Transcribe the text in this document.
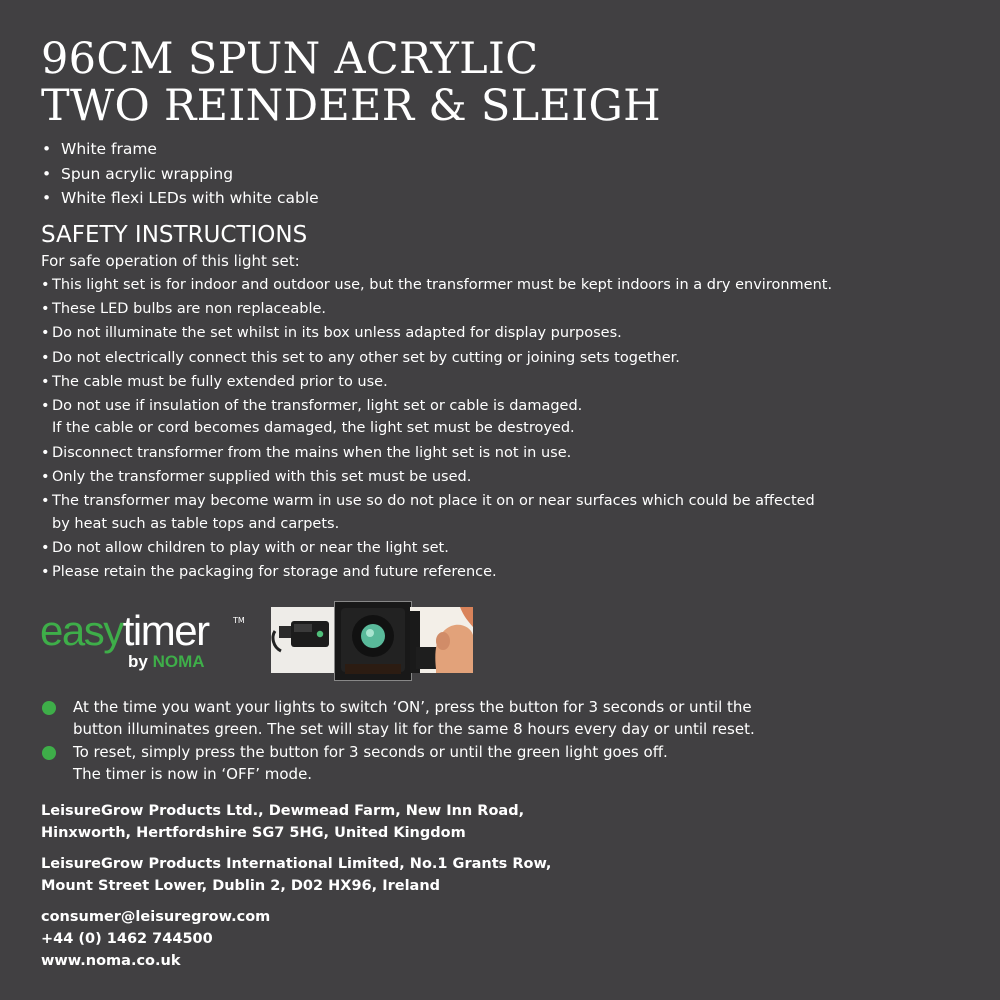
96CM SPUN ACRYLIC
TWO REINDEER & SLEIGH
• White frame
• Spun acrylic wrapping
• White flexi LEDs with white cable
SAFETY INSTRUCTIONS
For safe operation of this light set:
• This light set is for indoor and outdoor use, but the transformer must be kept indoors in a dry environment.
• These LED bulbs are non replaceable.
• Do not illuminate the set whilst in its box unless adapted for display purposes.
• Do not electrically connect this set to any other set by cutting or joining sets together.
• The cable must be fully extended prior to use.
• Do not use if insulation of the transformer, light set or cable is damaged.
If the cable or cord becomes damaged, the light set must be destroyed.
• Disconnect transformer from the mains when the light set is not in use.
• Only the transformer supplied with this set must be used.
• The transformer may become warm in use so do not place it on or near surfaces which could be affected
by heat such as table tops and carpets.
• Do not allow children to play with or near the light set.
• Please retain the packaging for storage and future reference.
easytimer	TM
by NOMA
At the time you want your lights to switch ‘ON’, press the button for 3 seconds or until the
button illuminates green. The set will stay lit for the same 8 hours every day or until reset.
To reset, simply press the button for 3 seconds or until the green light goes off.
The timer is now in ‘OFF’ mode.
LeisureGrow Products Ltd., Dewmead Farm, New Inn Road,
Hinxworth, Hertfordshire SG7 5HG, United Kingdom
LeisureGrow Products International Limited, No.1 Grants Row,
Mount Street Lower, Dublin 2, D02 HX96, Ireland
consumer@leisuregrow.com
+44 (0) 1462 744500
www.noma.co.uk
